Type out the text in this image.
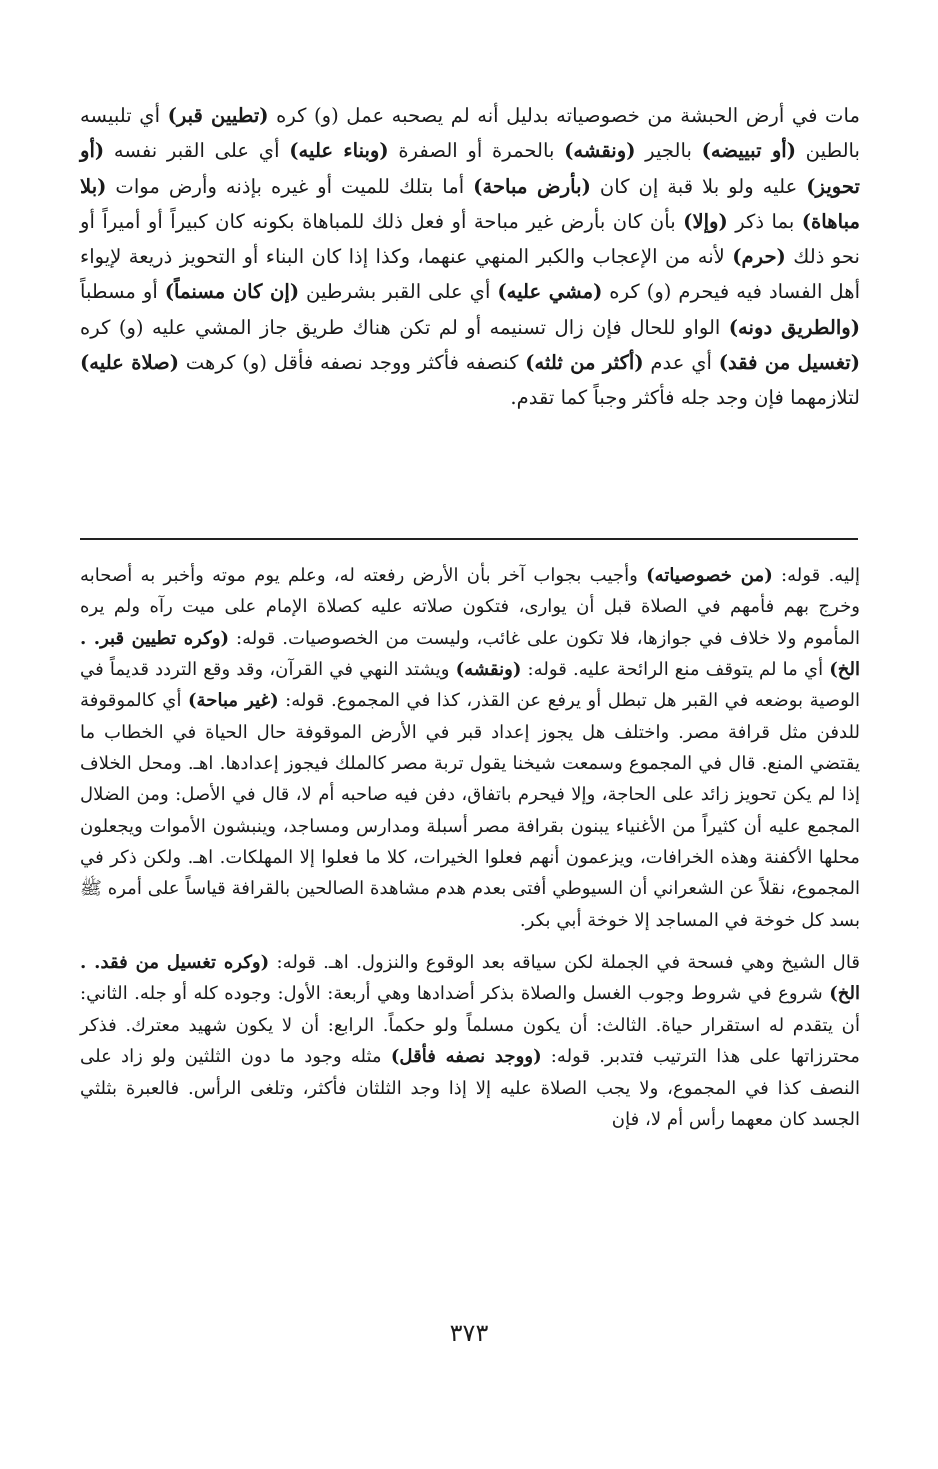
مات في أرض الحبشة من خصوصياته بدليل أنه لم يصحبه عمل (و) كره (تطيين قبر) أي تلبيسه بالطين (أو تبييضه) بالجير (ونقشه) بالحمرة أو الصفرة (وبناء عليه) أي على القبر نفسه (أو تحويز) عليه ولو بلا قبة إن كان (بأرض مباحة) أما بتلك للميت أو غيره بإذنه وأرض موات (بلا مباهاة) بما ذكر (وإلا) بأن كان بأرض غير مباحة أو فعل ذلك للمباهاة بكونه كان كبيراً أو أميراً أو نحو ذلك (حرم) لأنه من الإعجاب والكبر المنهي عنهما، وكذا إذا كان البناء أو التحويز ذريعة لإيواء أهل الفساد فيه فيحرم (و) كره (مشي عليه) أي على القبر بشرطين (إن كان مسنماً) أو مسطباً (والطريق دونه) الواو للحال فإن زال تسنيمه أو لم تكن هناك طريق جاز المشي عليه (و) كره (تغسيل من فقد) أي عدم (أكثر من ثلثه) كنصفه فأكثر ووجد نصفه فأقل (و) كرهت (صلاة عليه) لتلازمهما فإن وجد جله فأكثر وجباً كما تقدم.

إليه. قوله: (من خصوصياته) وأجيب بجواب آخر بأن الأرض رفعته له، وعلم يوم موته وأخبر به أصحابه وخرج بهم فأمهم في الصلاة قبل أن يوارى، فتكون صلاته عليه كصلاة الإمام على ميت رآه ولم يره المأموم ولا خلاف في جوازها، فلا تكون على غائب، وليست من الخصوصيات. قوله: (وكره تطيين قبر. . الخ) أي ما لم يتوقف منع الرائحة عليه. قوله: (ونقشه) ويشتد النهي في القرآن، وقد وقع التردد قديماً في الوصية بوضعه في القبر هل تبطل أو يرفع عن القذر، كذا في المجموع. قوله: (غير مباحة) أي كالموقوفة للدفن مثل قرافة مصر. واختلف هل يجوز إعداد قبر في الأرض الموقوفة حال الحياة في الخطاب ما يقتضي المنع. قال في المجموع وسمعت شيخنا يقول تربة مصر كالملك فيجوز إعدادها. اهـ. ومحل الخلاف إذا لم يكن تحويز زائد على الحاجة، وإلا فيحرم باتفاق، دفن فيه صاحبه أم لا، قال في الأصل: ومن الضلال المجمع عليه أن كثيراً من الأغنياء يبنون بقرافة مصر أسبلة ومدارس ومساجد، وينبشون الأموات ويجعلون محلها الأكفنة وهذه الخرافات، ويزعمون أنهم فعلوا الخيرات، كلا ما فعلوا إلا المهلكات. اهـ. ولكن ذكر في المجموع، نقلاً عن الشعراني أن السيوطي أفتى بعدم هدم مشاهدة الصالحين بالقرافة قياساً على أمره ﷺ بسد كل خوخة في المساجد إلا خوخة أبي بكر.

قال الشيخ وهي فسحة في الجملة لكن سياقه بعد الوقوع والنزول. اهـ. قوله: (وكره تغسيل من فقد. . الخ) شروع في شروط وجوب الغسل والصلاة بذكر أضدادها وهي أربعة: الأول: وجوده كله أو جله. الثاني: أن يتقدم له استقرار حياة. الثالث: أن يكون مسلماً ولو حكماً. الرابع: أن لا يكون شهيد معترك. فذكر محترزاتها على هذا الترتيب فتدبر. قوله: (ووجد نصفه فأقل) مثله وجود ما دون الثلثين ولو زاد على النصف كذا في المجموع، ولا يجب الصلاة عليه إلا إذا وجد الثلثان فأكثر، وتلغى الرأس. فالعبرة بثلثي الجسد كان معهما رأس أم لا، فإن

٣٧٣
